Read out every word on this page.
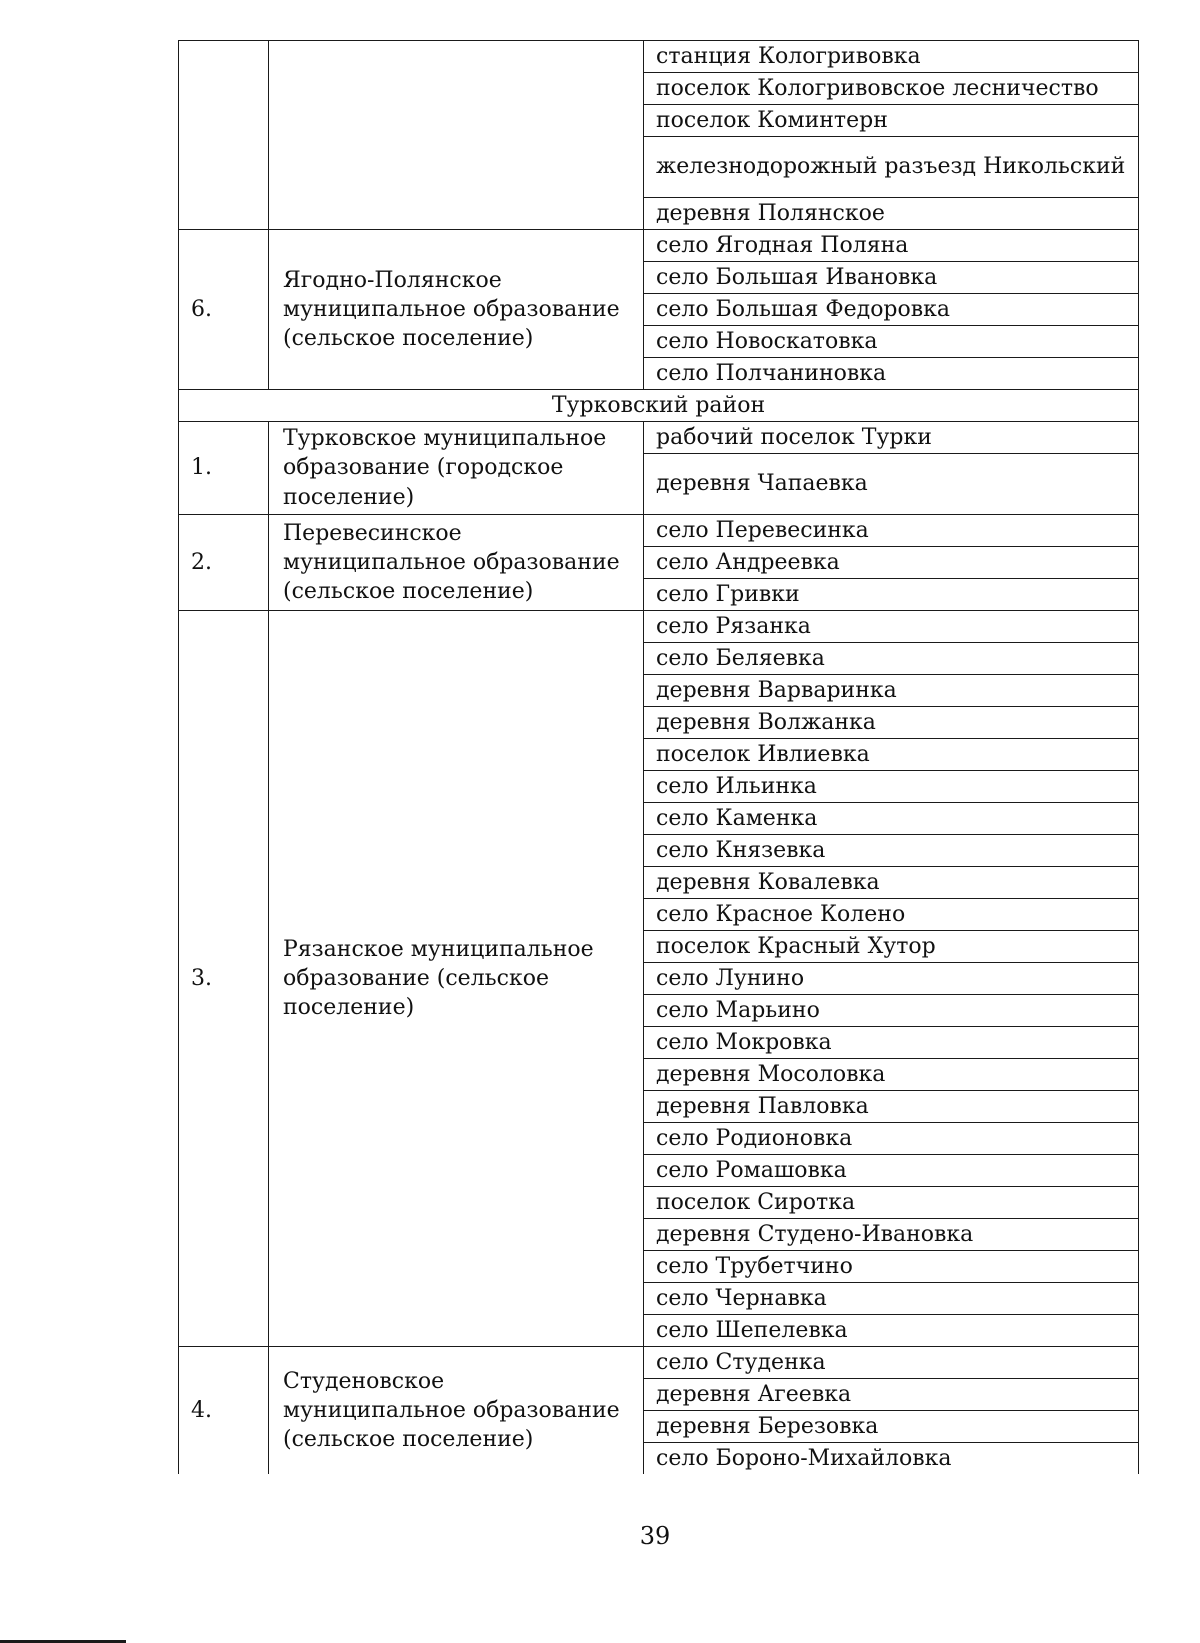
		станция Кологривовка
		поселок Кологривовское лесничество
		поселок Коминтерн
		железнодорожный разъезд Никольский
		деревня Полянское
6.	Ягодно-Полянское муниципальное образование (сельское поселение)	село Ягодная Поляна
		село Большая Ивановка
		село Большая Федоровка
		село Новоскатовка
		село Полчаниновка
Турковский район		
1.	Турковское муниципальное образование (городское поселение)	рабочий поселок Турки
		деревня Чапаевка
2.	Перевесинское муниципальное образование (сельское поселение)	село Перевесинка
		село Андреевка
		село Гривки
3.	Рязанское муниципальное образование (сельское поселение)	село Рязанка
		село Беляевка
		деревня Варваринка
		деревня Волжанка
		поселок Ивлиевка
		село Ильинка
		село Каменка
		село Князевка
		деревня Ковалевка
		село Красное Колено
		поселок Красный Хутор
		село Лунино
		село Марьино
		село Мокровка
		деревня Мосоловка
		деревня Павловка
		село Родионовка
		село Ромашовка
		поселок Сиротка
		деревня Студено-Ивановка
		село Трубетчино
		село Чернавка
		село Шепелевка
4.	Студеновское муниципальное образование (сельское поселение)	село Студенка
		деревня Агеевка
		деревня Березовка
		село Бороно-Михайловка
39
